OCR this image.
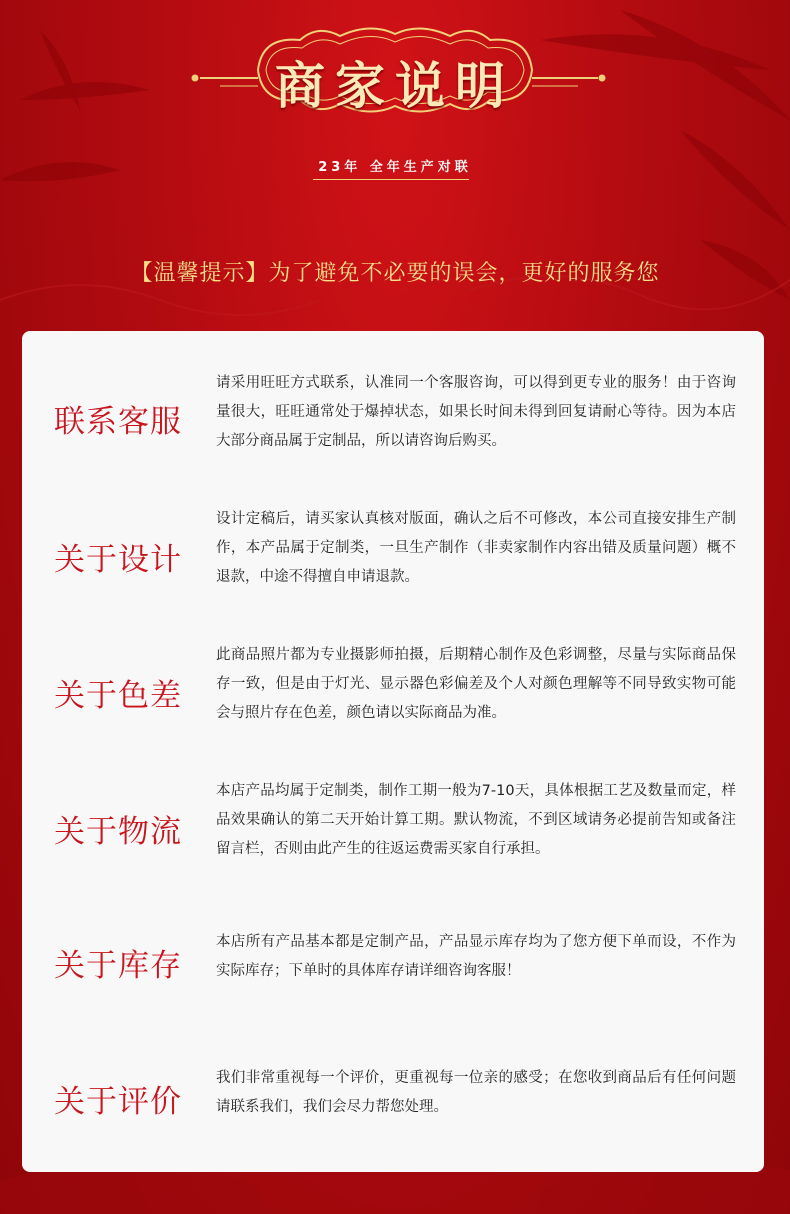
商家说明
23年 全年生产对联
【温馨提示】为了避免不必要的误会，更好的服务您
联系客服
请采用旺旺方式联系，认准同一个客服咨询，可以得到更专业的服务！由于咨询量很大，旺旺通常处于爆掉状态，如果长时间未得到回复请耐心等待。因为本店大部分商品属于定制品，所以请咨询后购买。
关于设计
设计定稿后，请买家认真核对版面，确认之后不可修改，本公司直接安排生产制作，本产品属于定制类，一旦生产制作（非卖家制作内容出错及质量问题）概不退款，中途不得擅自申请退款。
关于色差
此商品照片都为专业摄影师拍摄，后期精心制作及色彩调整，尽量与实际商品保存一致，但是由于灯光、显示器色彩偏差及个人对颜色理解等不同导致实物可能会与照片存在色差，颜色请以实际商品为准。
关于物流
本店产品均属于定制类，制作工期一般为7-10天，具体根据工艺及数量而定，样品效果确认的第二天开始计算工期。默认物流，不到区域请务必提前告知或备注留言栏，否则由此产生的往返运费需买家自行承担。
关于库存
本店所有产品基本都是定制产品，产品显示库存均为了您方便下单而设，不作为实际库存；下单时的具体库存请详细咨询客服！
关于评价
我们非常重视每一个评价，更重视每一位亲的感受；在您收到商品后有任何问题请联系我们，我们会尽力帮您处理。
